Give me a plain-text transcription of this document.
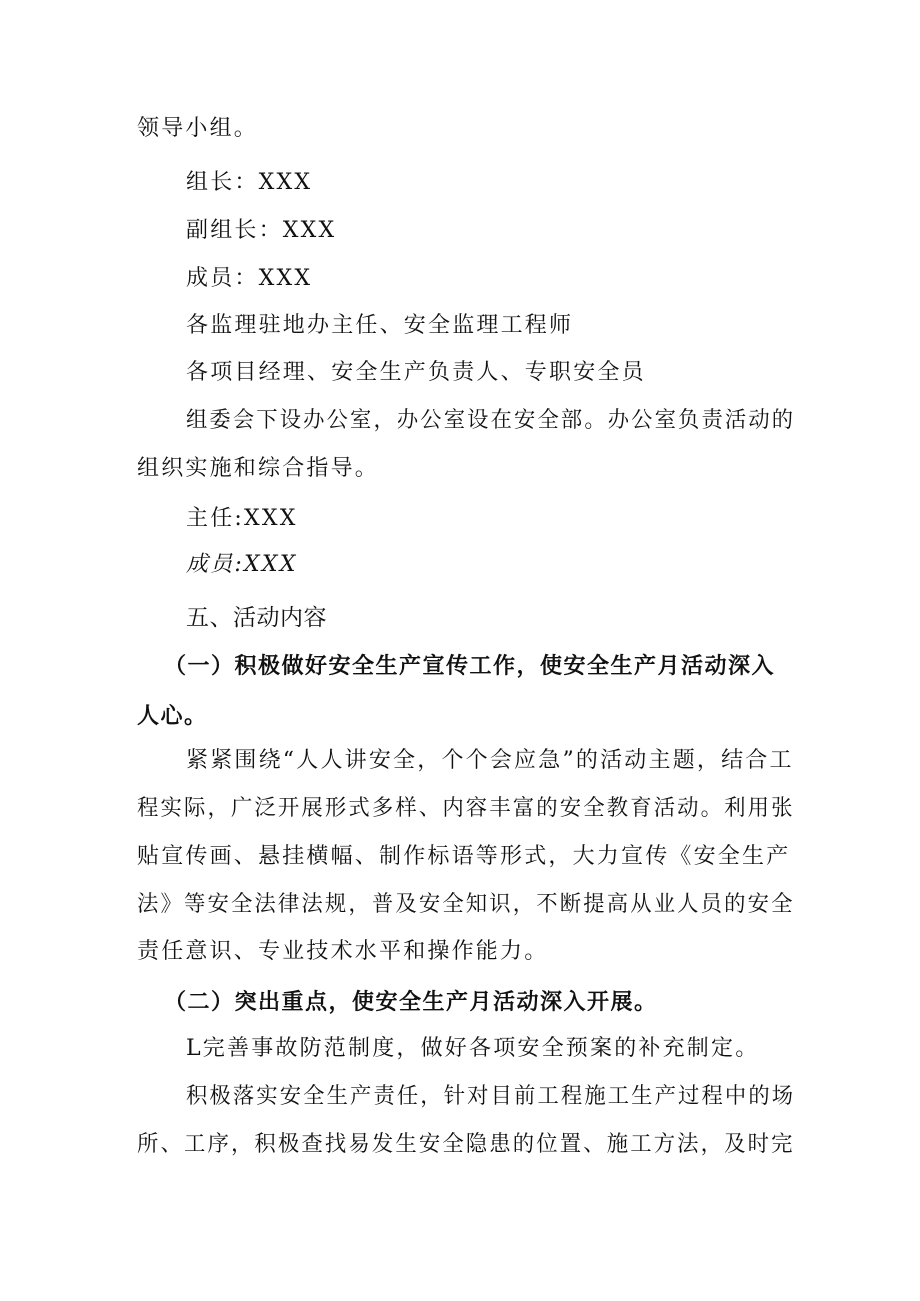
领导小组。
组长：XXX
副组长：XXX
成员：XXX
各监理驻地办主任、安全监理工程师
各项目经理、安全生产负责人、专职安全员
组委会下设办公室，办公室设在安全部。办公室负责活动的
组织实施和综合指导。
主任:XXX
成员:XXX
五、活动内容
（一）积极做好安全生产宣传工作，使安全生产月活动深入
人心。
紧紧围绕“人人讲安全，个个会应急”的活动主题，结合工
程实际，广泛开展形式多样、内容丰富的安全教育活动。利用张
贴宣传画、悬挂横幅、制作标语等形式，大力宣传《安全生产
法》等安全法律法规，普及安全知识，不断提高从业人员的安全
责任意识、专业技术水平和操作能力。
（二）突出重点，使安全生产月活动深入开展。
L完善事故防范制度，做好各项安全预案的补充制定。
积极落实安全生产责任，针对目前工程施工生产过程中的场
所、工序，积极查找易发生安全隐患的位置、施工方法，及时完
